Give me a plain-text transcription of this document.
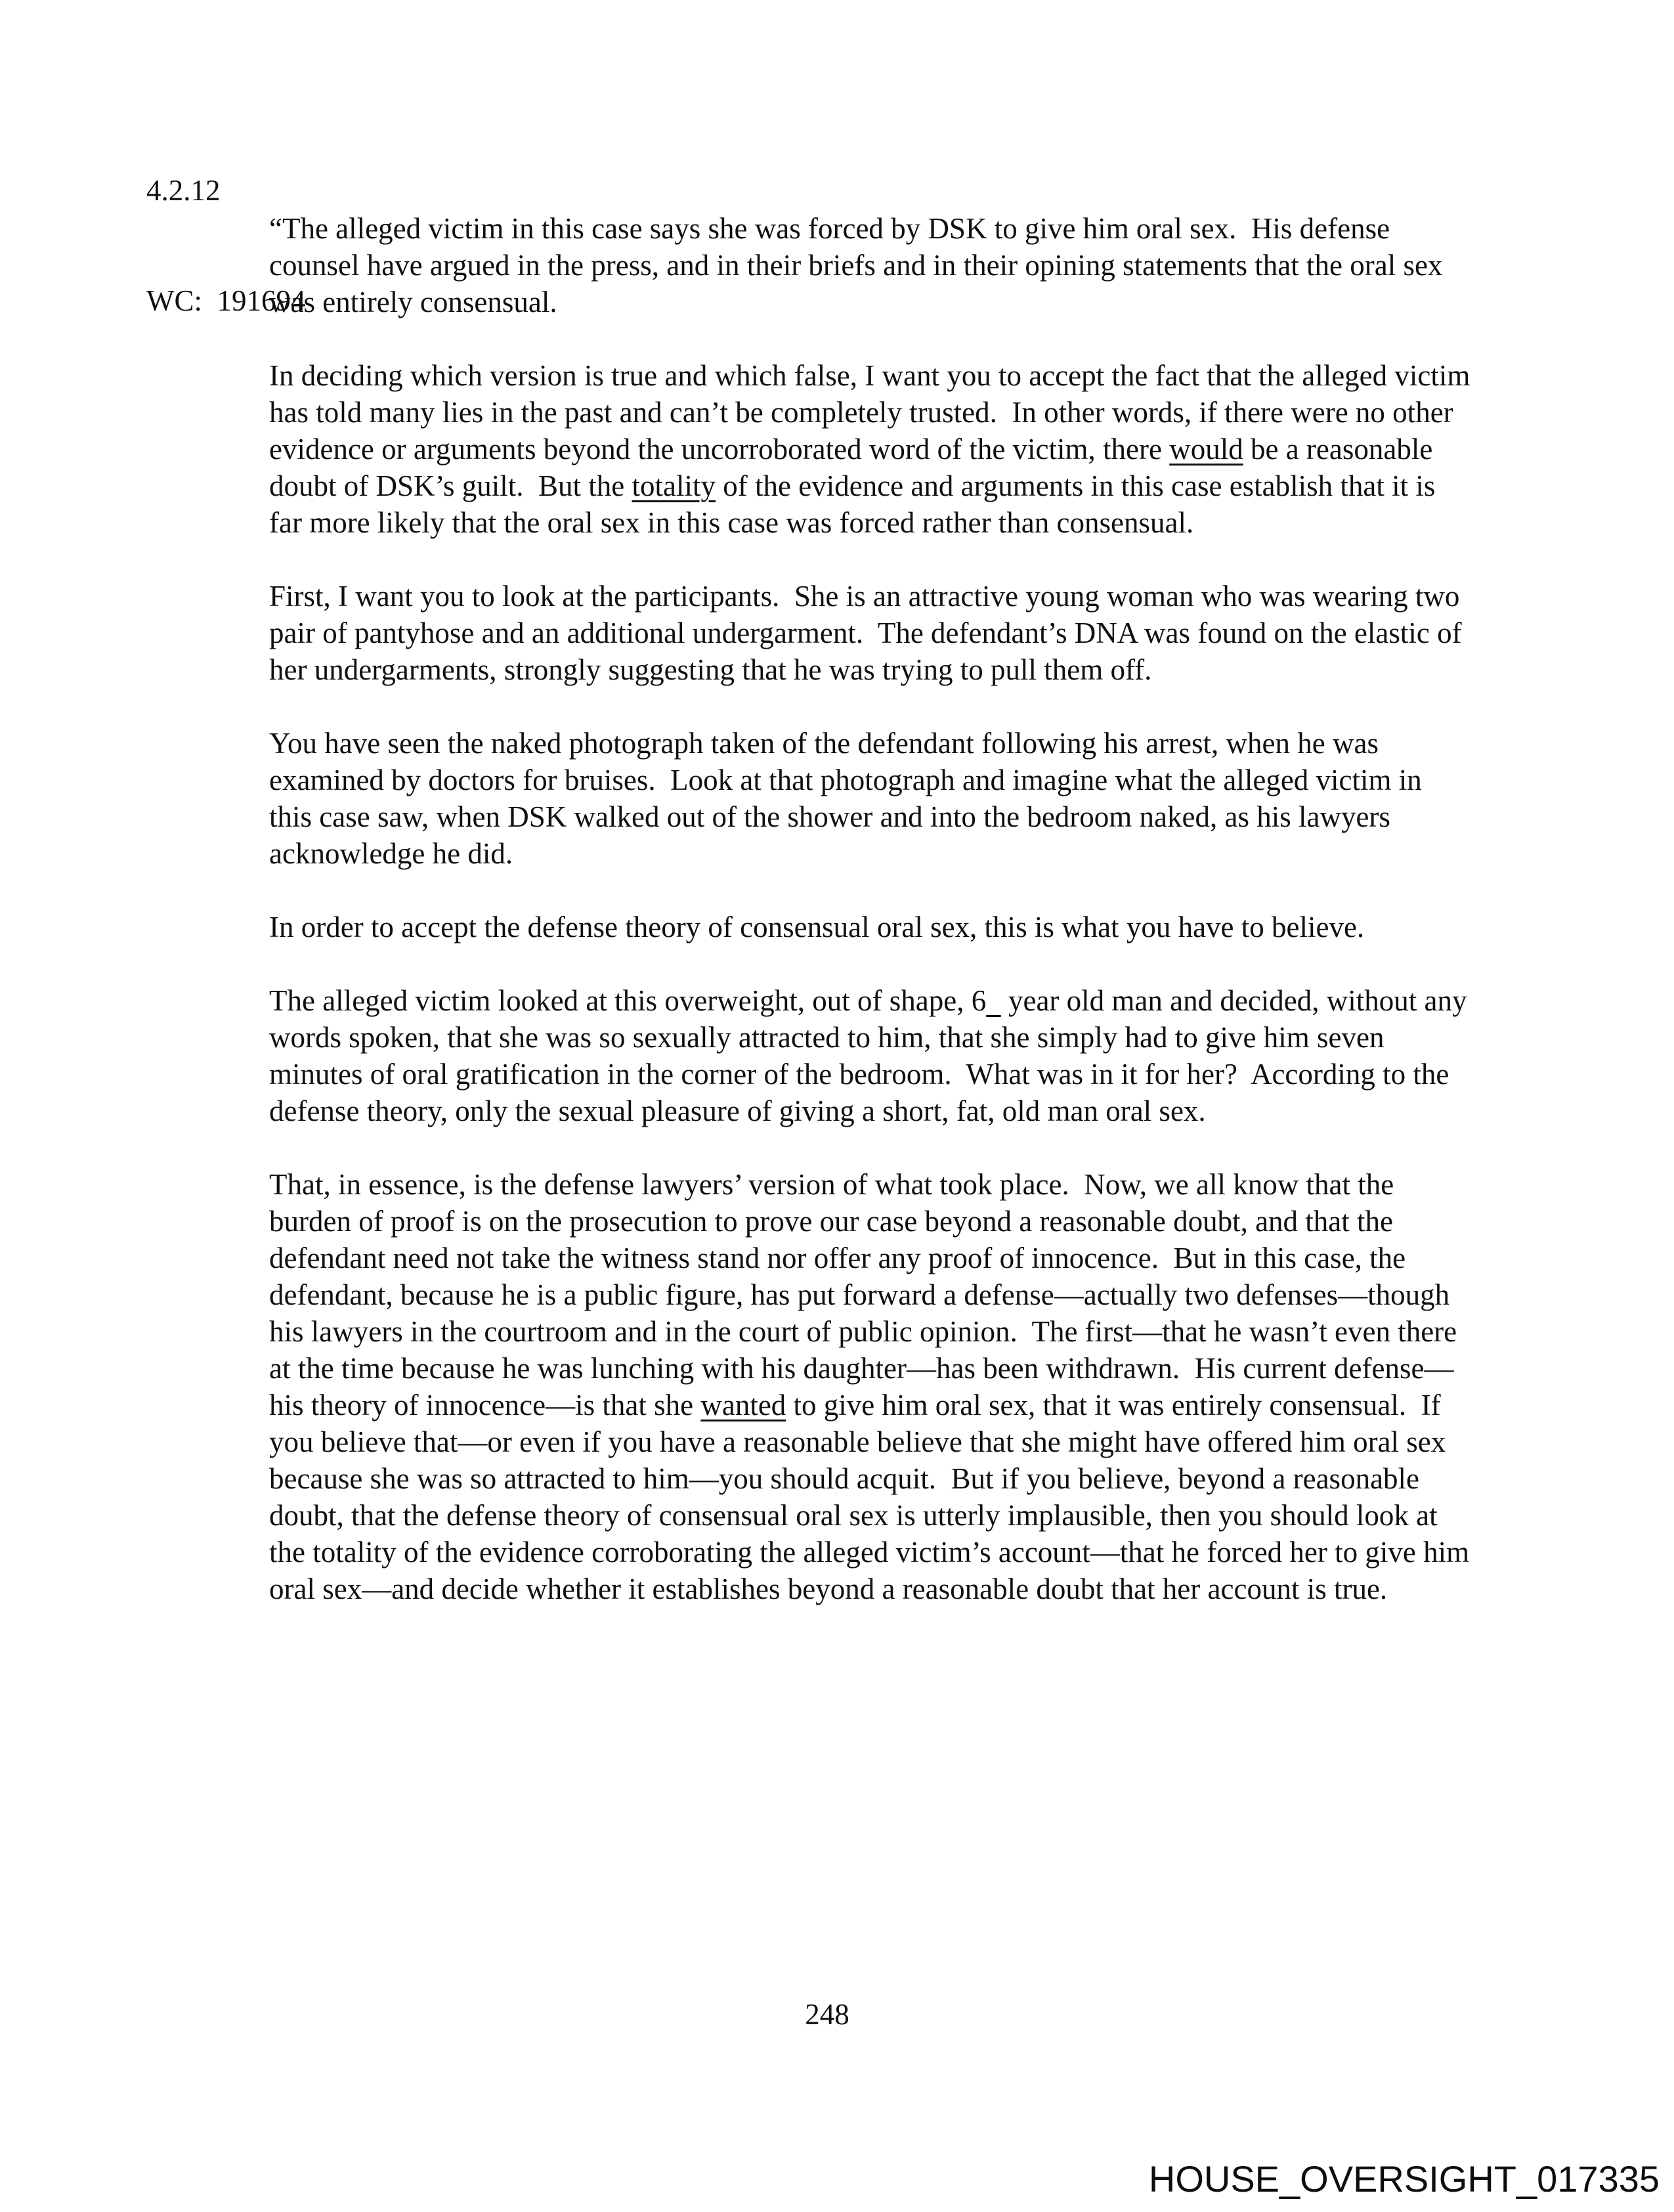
4.2.12

WC:  191694

“The alleged victim in this case says she was forced by DSK to give him oral sex.  His defense counsel have argued in the press, and in their briefs and in their opining statements that the oral sex was entirely consensual.

In deciding which version is true and which false, I want you to accept the fact that the alleged victim has told many lies in the past and can’t be completely trusted.  In other words, if there were no other evidence or arguments beyond the uncorroborated word of the victim, there would be a reasonable doubt of DSK’s guilt.  But the totality of the evidence and arguments in this case establish that it is far more likely that the oral sex in this case was forced rather than consensual.

First, I want you to look at the participants.  She is an attractive young woman who was wearing two pair of pantyhose and an additional undergarment.  The defendant’s DNA was found on the elastic of her undergarments, strongly suggesting that he was trying to pull them off.

You have seen the naked photograph taken of the defendant following his arrest, when he was examined by doctors for bruises.  Look at that photograph and imagine what the alleged victim in this case saw, when DSK walked out of the shower and into the bedroom naked, as his lawyers acknowledge he did.

In order to accept the defense theory of consensual oral sex, this is what you have to believe.

The alleged victim looked at this overweight, out of shape, 6   year old man and decided, without any words spoken, that she was so sexually attracted to him, that she simply had to give him seven minutes of oral gratification in the corner of the bedroom.  What was in it for her?  According to the defense theory, only the sexual pleasure of giving a short, fat, old man oral sex.

That, in essence, is the defense lawyers’ version of what took place.  Now, we all know that the burden of proof is on the prosecution to prove our case beyond a reasonable doubt, and that the defendant need not take the witness stand nor offer any proof of innocence.  But in this case, the defendant, because he is a public figure, has put forward a defense—actually two defenses—though his lawyers in the courtroom and in the court of public opinion.  The first—that he wasn’t even there at the time because he was lunching with his daughter—has been withdrawn.  His current defense—his theory of innocence—is that she wanted to give him oral sex, that it was entirely consensual.  If you believe that—or even if you have a reasonable believe that she might have offered him oral sex because she was so attracted to him—you should acquit.  But if you believe, beyond a reasonable doubt, that the defense theory of consensual oral sex is utterly implausible, then you should look at the totality of the evidence corroborating the alleged victim’s account—that he forced her to give him oral sex—and decide whether it establishes beyond a reasonable doubt that her account is true.

248
HOUSE_OVERSIGHT_017335
